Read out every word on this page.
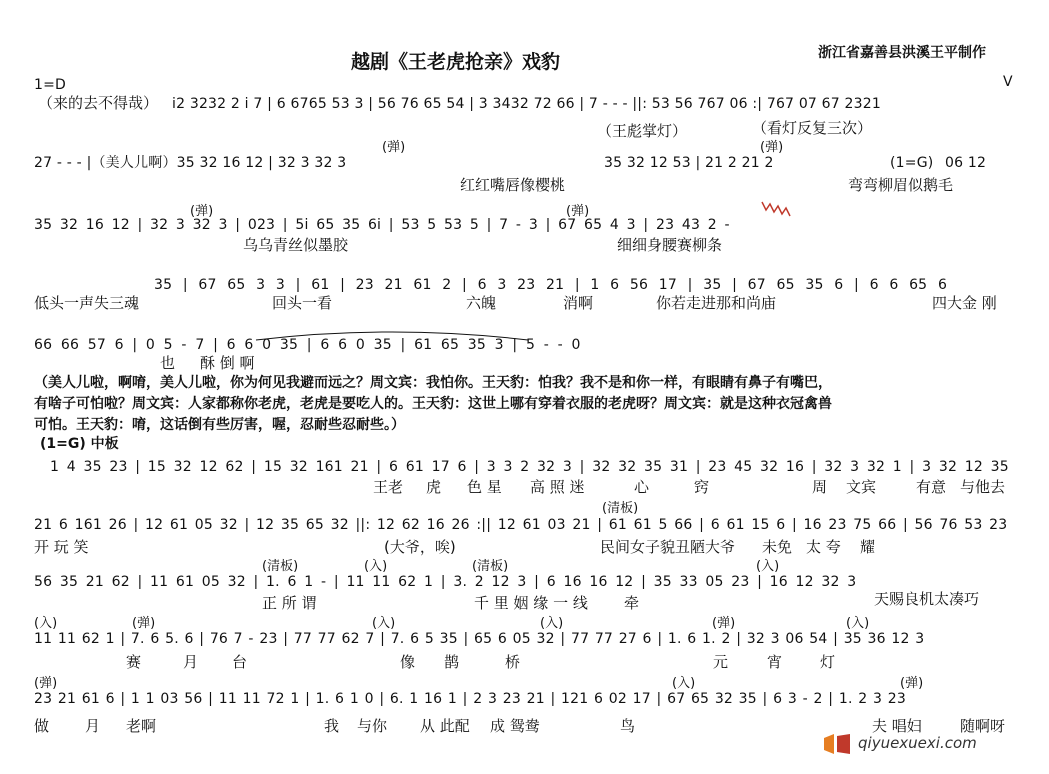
越剧《王老虎抢亲》戏豹	浙江省嘉善县洪溪王平制作
1=D
（来的去不得哉） i2 3232 2 i 7 | 6 6765 53 3 | 56 76 65 54 | 3 3432 72 66 | 7 - - - ||: 53 56 767 06 :| 767 07 67 2321
（王彪掌灯）	（看灯反复三次）
V
27 - - - |（美人儿啊）35 32 16 12 | 32 3 32 3
(弹)
35 32 12 53 | 21 2 21 2
(弹)
(1=G) 06 12
红红嘴唇像樱桃	弯弯柳眉似鹅毛
35 32 16 12 | 32 3 32 3 | 023 | 5i 65 35 6i | 53 5 53 5 | 7 - 3 | 67 65 4 3 | 23 43 2 -
(弹)	(弹)
乌乌青丝似墨胶	细细身腰赛柳条
35 | 67 65 3 3 | 61 | 23 21 61 2 | 6 3 23 21 | 1 6 56 17 | 35 | 67 65 35 6 | 6 6 65 6
低头一声失三魂	回头一看	六魄	消啊	你若走进那和尚庙	四大金 刚
66 66 57 6 | 0 5 - 7 | 6 6 0 35 | 6 6 0 35 | 61 65 35 3 | 5 - - 0
也 酥 倒 啊
（美人儿啦，啊唷，美人儿啦，你为何见我避而远之？周文宾：我怕你。王天豹：怕我？我不是和你一样，有眼睛有鼻子有嘴巴，
有啥子可怕啦？周文宾：人家都称你老虎，老虎是要吃人的。王天豹：这世上哪有穿着衣服的老虎呀？周文宾：就是这种衣冠禽兽
可怕。王天豹：唷，这话倒有些厉害，喔，忍耐些忍耐些。）
(1=G) 中板
1 4 35 23 | 15 32 12 62 | 15 32 161 21 | 6 61 17 6 | 3 3 2 32 3 | 32 32 35 31 | 23 45 32 16 | 32 3 32 1 | 3 32 12 35
王老 虎 色 星 高 照 迷	心	窍	周 文宾	有意 与他去
(清板)
21 6 161 26 | 12 61 05 32 | 12 35 65 32 ||: 12 62 16 26 :|| 12 61 03 21 | 61 61 5 66 | 6 61 15 6 | 16 23 75 66 | 56 76 53 23
开 玩 笑	(大爷，唉)	民间女子貌丑陋大爷 未免 太 夸 耀
(清板)	(入)	(清板)	(入)
56 35 21 62 | 11 61 05 32 | 1. 6 1 - | 11 11 62 1 | 3. 2 12 3 | 6 16 16 12 | 35 33 05 23 | 16 12 32 3
正 所 谓	千 里 姻 缘 一 线 牵	天赐良机太凑巧
(入)	(弹)	(入)	(入)	(弹)	(入)
11 11 62 1 | 7. 6 5. 6 | 76 7 - 23 | 77 77 62 7 | 7. 6 5 35 | 65 6 05 32 | 77 77 27 6 | 1. 6 1. 2 | 32 3 06 54 | 35 36 12 3
赛	月 台	像 鹊	桥	元	宵	灯
(弹)	(入)	(弹)
23 21 61 6 | 1 1 03 56 | 11 11 72 1 | 1. 6 1 0 | 6. 1 16 1 | 2 3 23 21 | 121 6 02 17 | 67 65 32 35 | 6 3 - 2 | 1. 2 3 23
做 月 老啊	我 与你 从 此配 成 鸳鸯	鸟	夫 唱妇	随啊呀
qiyuexuexi.com
